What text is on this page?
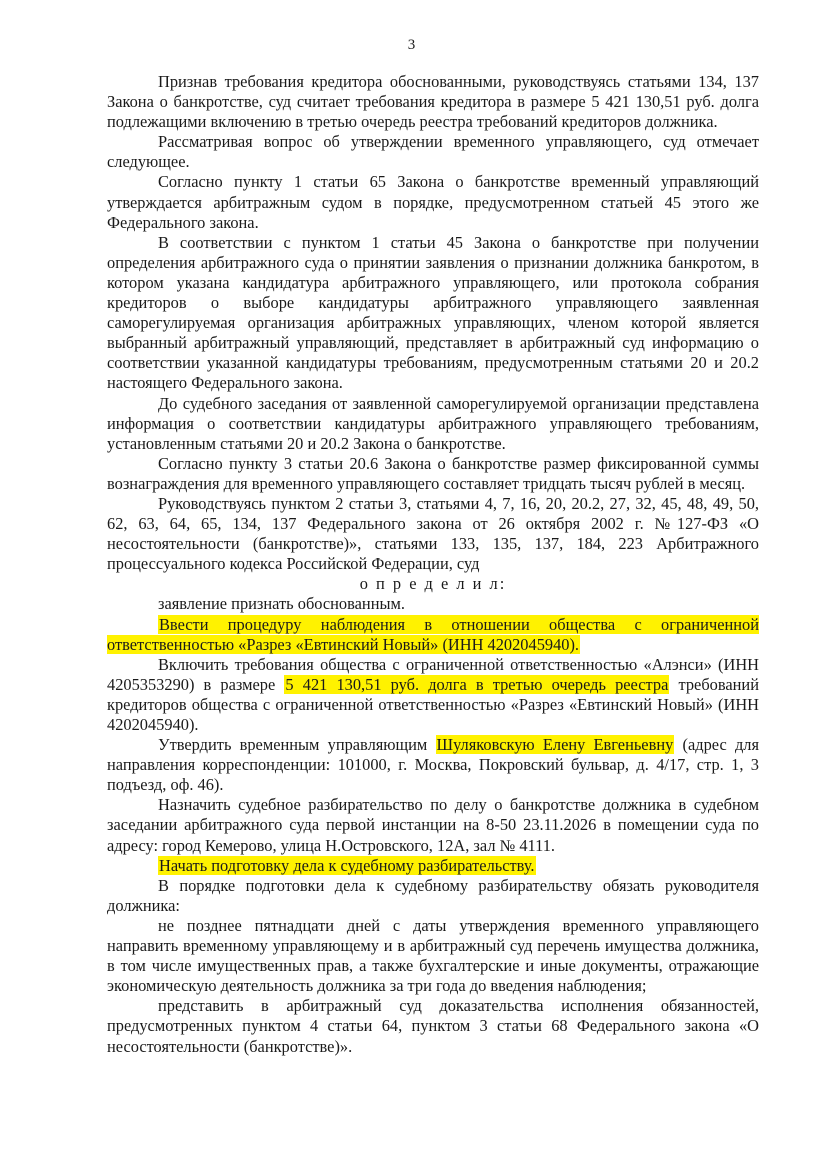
3

Признав требования кредитора обоснованными, руководствуясь статьями 134, 137 Закона о банкротстве, суд считает требования кредитора в размере 5 421 130,51 руб. долга подлежащими включению в третью очередь реестра требований кредиторов должника.

Рассматривая вопрос об утверждении временного управляющего, суд отмечает следующее.

Согласно пункту 1 статьи 65 Закона о банкротстве временный управляющий утверждается арбитражным судом в порядке, предусмотренном статьей 45 этого же Федерального закона.

В соответствии с пунктом 1 статьи 45 Закона о банкротстве при получении определения арбитражного суда о принятии заявления о признании должника банкротом, в котором указана кандидатура арбитражного управляющего, или протокола собрания кредиторов о выборе кандидатуры арбитражного управляющего заявленная саморегулируемая организация арбитражных управляющих, членом которой является выбранный арбитражный управляющий, представляет в арбитражный суд информацию о соответствии указанной кандидатуры требованиям, предусмотренным статьями 20 и 20.2 настоящего Федерального закона.

До судебного заседания от заявленной саморегулируемой организации представлена информация о соответствии кандидатуры арбитражного управляющего требованиям, установленным статьями 20 и 20.2 Закона о банкротстве.

Согласно пункту 3 статьи 20.6 Закона о банкротстве размер фиксированной суммы вознаграждения для временного управляющего составляет тридцать тысяч рублей в месяц.

Руководствуясь пунктом 2 статьи 3, статьями 4, 7, 16, 20, 20.2, 27, 32, 45, 48, 49, 50, 62, 63, 64, 65, 134, 137 Федерального закона от 26 октября 2002 г. №127-ФЗ «О несостоятельности (банкротстве)», статьями 133, 135, 137, 184, 223 Арбитражного процессуального кодекса Российской Федерации, суд

о п р е д е л и л:

заявление признать обоснованным.

Ввести процедуру наблюдения в отношении общества с ограниченной ответственностью «Разрез «Евтинский Новый» (ИНН 4202045940).

Включить требования общества с ограниченной ответственностью «Алэнси» (ИНН 4205353290) в размере 5 421 130,51 руб. долга в третью очередь реестра требований кредиторов общества с ограниченной ответственностью «Разрез «Евтинский Новый» (ИНН 4202045940).

Утвердить временным управляющим Шуляковскую Елену Евгеньевну (адрес для направления корреспонденции: 101000, г. Москва, Покровский бульвар, д. 4/17, стр. 1, 3 подъезд, оф. 46).

Назначить судебное разбирательство по делу о банкротстве должника в судебном заседании арбитражного суда первой инстанции на 8-50 23.11.2026 в помещении суда по адресу: город Кемерово, улица Н.Островского, 12А, зал № 4111.

Начать подготовку дела к судебному разбирательству.

В порядке подготовки дела к судебному разбирательству обязать руководителя должника:

не позднее пятнадцати дней с даты утверждения временного управляющего направить временному управляющему и в арбитражный суд перечень имущества должника, в том числе имущественных прав, а также бухгалтерские и иные документы, отражающие экономическую деятельность должника за три года до введения наблюдения;

представить в арбитражный суд доказательства исполнения обязанностей, предусмотренных пунктом 4 статьи 64, пунктом 3 статьи 68 Федерального закона «О несостоятельности (банкротстве)».
